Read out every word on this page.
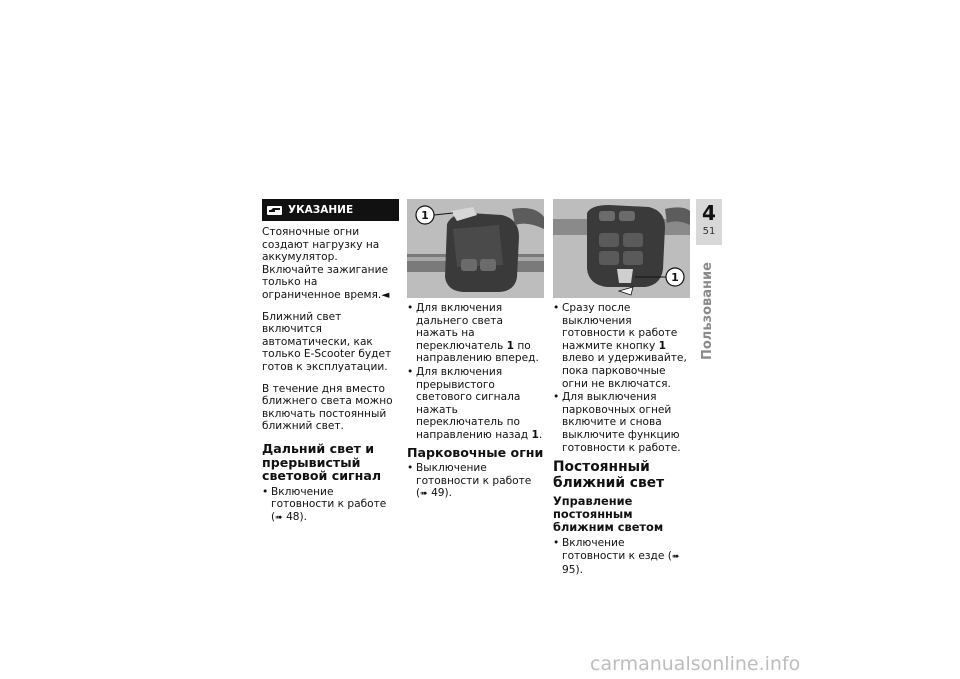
УКАЗАНИЕ

Стояночные огни создают нагрузку на аккумулятор. Включайте зажигание только на ограниченное время.◄

Ближний свет включится автоматически, как только E-Scooter будет готов к эксплуатации.

В течение дня вместо ближнего света можно включать постоянный ближний свет.

Дальний свет и прерывистый световой сигнал
• Включение готовности к работе (➠ 48).
1
• Для включения дальнего света нажать на переключатель 1 по направлению вперед.
• Для включения прерывистого светового сигнала нажать переключатель по направлению назад 1.
Парковочные огни
• Выключение готовности к работе (➠ 49).
1
• Сразу после выключения готовности к работе нажмите кнопку 1 влево и удерживайте, пока парковочные огни не включатся.
• Для выключения парковочных огней включите и снова выключите функцию готовности к работе.
Постоянный ближний свет
Управление постоянным ближним светом
• Включение готовности к езде (➠ 95).
4
51
Пользование
carmanualsonline.info
